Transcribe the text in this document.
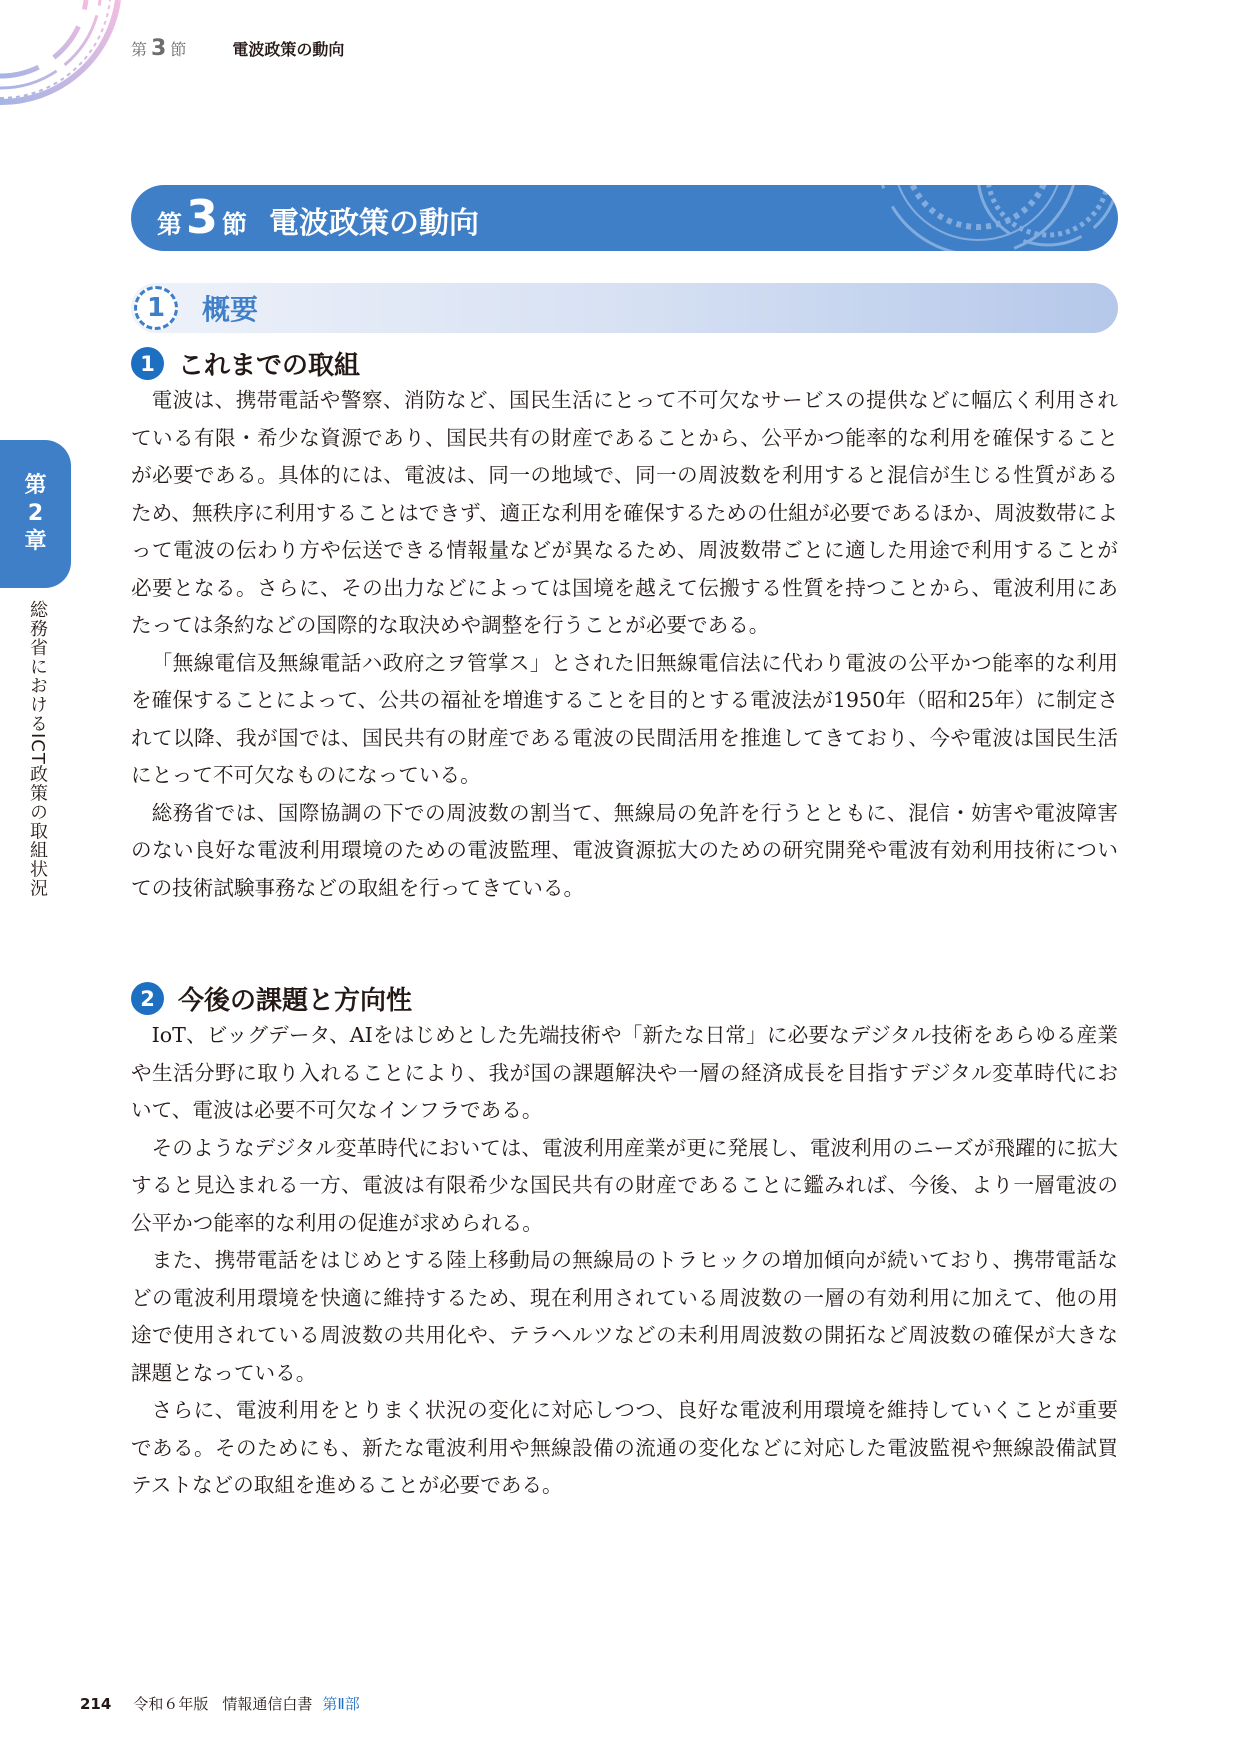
第 3 節	電波政策の動向
第 3 節 電波政策の動向
1	概要
1 これまでの取組

電波は、携帯電話や警察、消防など、国民生活にとって不可欠なサービスの提供などに幅広く利用されている有限・希少な資源であり、国民共有の財産であることから、公平かつ能率的な利用を確保することが必要である。具体的には、電波は、同一の地域で、同一の周波数を利用すると混信が生じる性質があるため、無秩序に利用することはできず、適正な利用を確保するための仕組が必要であるほか、周波数帯によって電波の伝わり方や伝送できる情報量などが異なるため、周波数帯ごとに適した用途で利用することが必要となる。さらに、その出力などによっては国境を越えて伝搬する性質を持つことから、電波利用にあたっては条約などの国際的な取決めや調整を行うことが必要である。

「無線電信及無線電話ハ政府之ヲ管掌ス」とされた旧無線電信法に代わり電波の公平かつ能率的な利用を確保することによって、公共の福祉を増進することを目的とする電波法が1950年（昭和25年）に制定されて以降、我が国では、国民共有の財産である電波の民間活用を推進してきており、今や電波は国民生活にとって不可欠なものになっている。

総務省では、国際協調の下での周波数の割当て、無線局の免許を行うとともに、混信・妨害や電波障害のない良好な電波利用環境のための電波監理、電波資源拡大のための研究開発や電波有効利用技術についての技術試験事務などの取組を行ってきている。

2 今後の課題と方向性

IoT、ビッグデータ、AIをはじめとした先端技術や「新たな日常」に必要なデジタル技術をあらゆる産業や生活分野に取り入れることにより、我が国の課題解決や一層の経済成長を目指すデジタル変革時代において、電波は必要不可欠なインフラである。

そのようなデジタル変革時代においては、電波利用産業が更に発展し、電波利用のニーズが飛躍的に拡大すると見込まれる一方、電波は有限希少な国民共有の財産であることに鑑みれば、今後、より一層電波の公平かつ能率的な利用の促進が求められる。

また、携帯電話をはじめとする陸上移動局の無線局のトラヒックの増加傾向が続いており、携帯電話などの電波利用環境を快適に維持するため、現在利用されている周波数の一層の有効利用に加えて、他の用途で使用されている周波数の共用化や、テラヘルツなどの未利用周波数の開拓など周波数の確保が大きな課題となっている。

さらに、電波利用をとりまく状況の変化に対応しつつ、良好な電波利用環境を維持していくことが重要である。そのためにも、新たな電波利用や無線設備の流通の変化などに対応した電波監視や無線設備試買テストなどの取組を進めることが必要である。

第
2
章
総務省におけるICT政策の取組状況
214 令和６年版 情報通信白書 第Ⅱ部
